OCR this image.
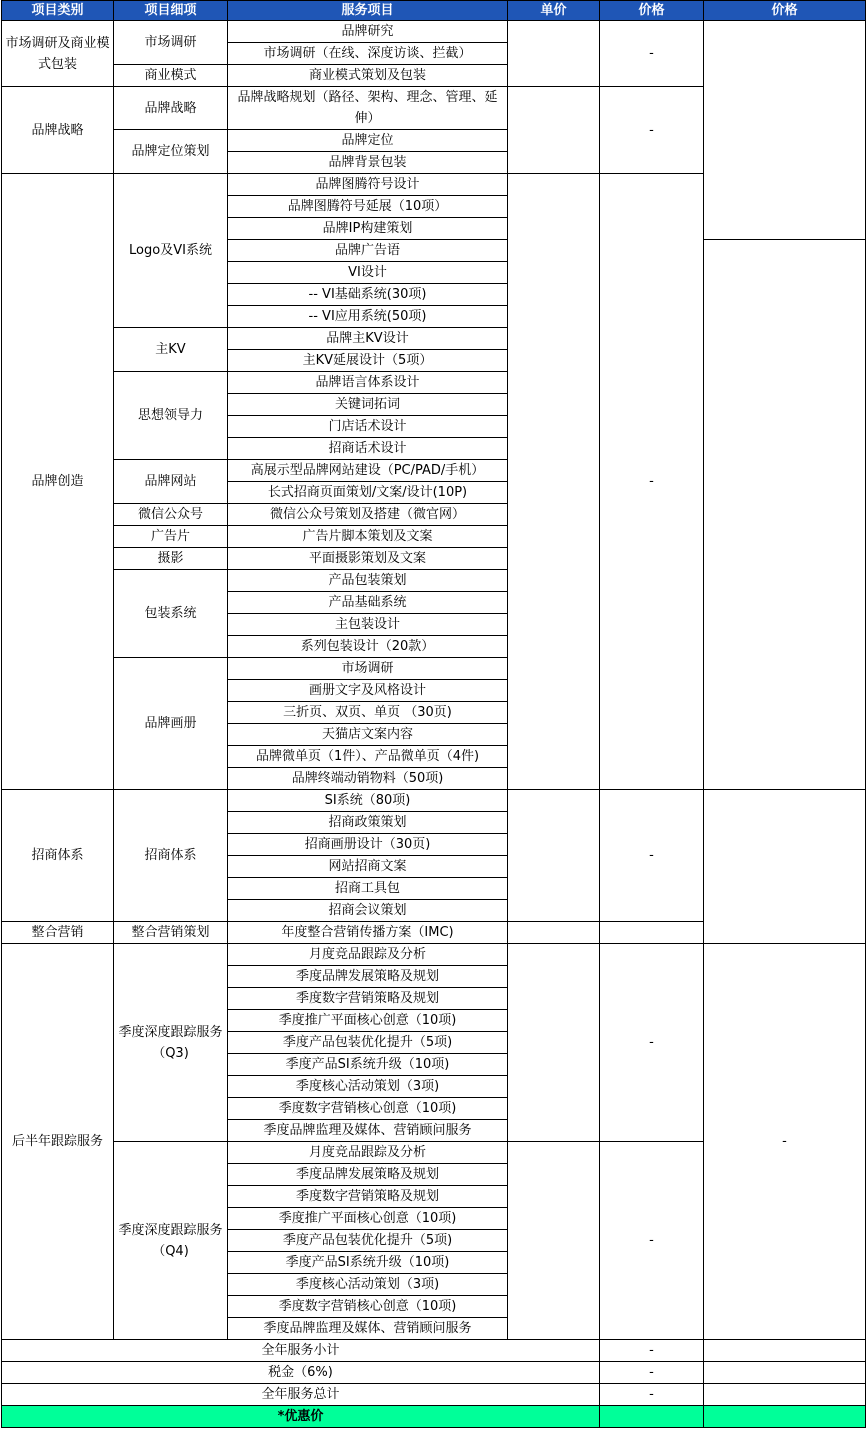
项目类别	项目细项	服务项目	单价	价格	价格	
市场调研及商业模式包装	市场调研	品牌研究		-		
		市场调研（在线、深度访谈、拦截）				
	商业模式	商业模式策划及包装				
品牌战略	品牌战略	品牌战略规划（路径、架构、理念、管理、延伸）		-		
	品牌定位策划	品牌定位				
		品牌背景包装				
品牌创造	Logo及VI系统	品牌图腾符号设计		-	
		品牌图腾符号延展（10项）				
		品牌IP构建策划				
		品牌广告语				
		VI设计				
		-- VI基础系统(30项)				
		-- VI应用系统(50项)				
	主KV	品牌主KV设计				
		主KV延展设计（5项）				
	思想领导力	品牌语言体系设计				
		关键词拓词				
		门店话术设计				
		招商话术设计				
	品牌网站	高展示型品牌网站建设（PC/PAD/手机）				
		长式招商页面策划/文案/设计(10P)				
	微信公众号	微信公众号策划及搭建（微官网）				
	广告片	广告片脚本策划及文案				
	摄影	平面摄影策划及文案				
	包装系统	产品包装策划				
		产品基础系统				
		主包装设计				
		系列包装设计（20款）				
	品牌画册	市场调研				
		画册文字及风格设计				
		三折页、双页、单页 （30页)				
		天猫店文案内容				
		品牌微单页（1件）、产品微单页（4件)				
		品牌终端动销物料（50项)				
招商体系	招商体系	SI系统（80项)		-		
		招商政策策划				
		招商画册设计（30页)				
		网站招商文案				
		招商工具包				
		招商会议策划				
整合营销	整合营销策划	年度整合营销传播方案（IMC)				
后半年跟踪服务	季度深度跟踪服务（Q3)	月度竞品跟踪及分析		-	-	
		季度品牌发展策略及规划				
		季度数字营销策略及规划				
		季度推广平面核心创意（10项)				
		季度产品包装优化提升（5项)				
		季度产品SI系统升级（10项)				
		季度核心活动策划（3项)				
		季度数字营销核心创意（10项)				
		季度品牌监理及媒体、营销顾问服务				
	季度深度跟踪服务（Q4)	月度竞品跟踪及分析		-		
		季度品牌发展策略及规划				
		季度数字营销策略及规划				
		季度推广平面核心创意（10项)				
		季度产品包装优化提升（5项)				
		季度产品SI系统升级（10项)				
		季度核心活动策划（3项)				
		季度数字营销核心创意（10项)				
		季度品牌监理及媒体、营销顾问服务				
全年服务小计				-		
税金（6%)				-		
全年服务总计				-		
*优惠价						
